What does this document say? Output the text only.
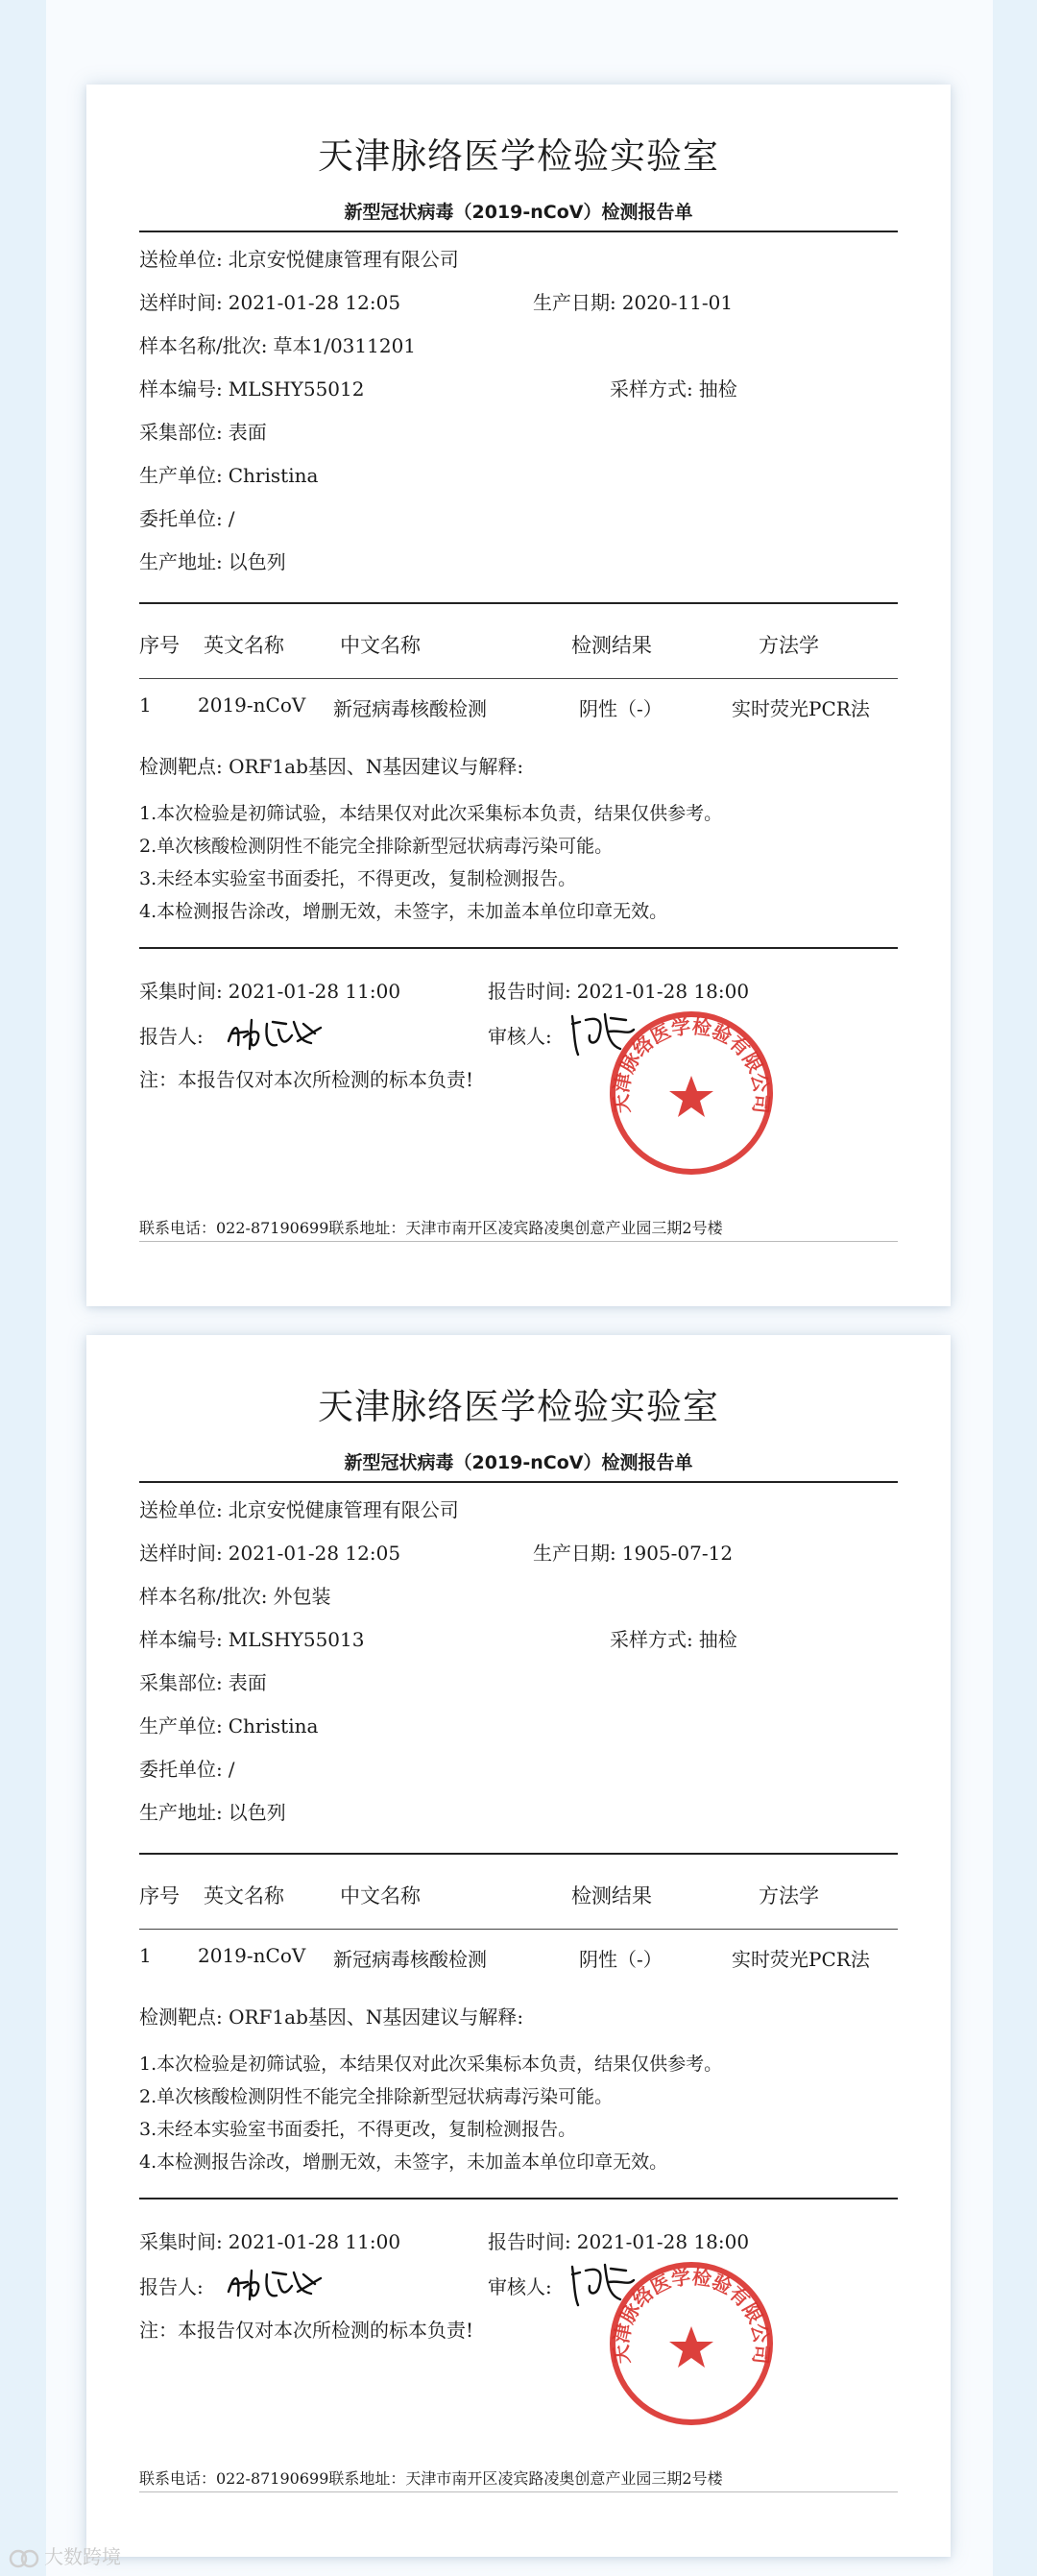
天津脉络医学检验实验室
新型冠状病毒（2019-nCoV）检测报告单
送检单位: 北京安悦健康管理有限公司
送样时间: 2021-01-28 12:05	生产日期: 2020-11-01
样本名称/批次: 草本1/0311201
样本编号: MLSHY55012	采样方式: 抽检
采集部位: 表面
生产单位: Christina
委托单位: /
生产地址: 以色列
序号 英文名称	中文名称	检测结果	方法学
1 2019-nCoV 新冠病毒核酸检测	阴性（-）	实时荧光PCR法
检测靶点: ORF1ab基因、N基因建议与解释:
1.本次检验是初筛试验，本结果仅对此次采集标本负责，结果仅供参考。
2.单次核酸检测阴性不能完全排除新型冠状病毒污染可能。
3.未经本实验室书面委托，不得更改，复制检测报告。
4.本检测报告涂改，增删无效，未签字，未加盖本单位印章无效。
采集时间: 2021-01-28 11:00	报告时间: 2021-01-28 18:00
报告人:	审核人:
注：本报告仅对本次所检测的标本负责!
天津脉络医学检验有限公司
联系电话：022-87190699联系地址：天津市南开区凌宾路凌奥创意产业园三期2号楼
天津脉络医学检验实验室
新型冠状病毒（2019-nCoV）检测报告单
送检单位: 北京安悦健康管理有限公司
送样时间: 2021-01-28 12:05	生产日期: 1905-07-12
样本名称/批次: 外包装
样本编号: MLSHY55013	采样方式: 抽检
采集部位: 表面
生产单位: Christina
委托单位: /
生产地址: 以色列
序号 英文名称	中文名称	检测结果	方法学
1 2019-nCoV 新冠病毒核酸检测	阴性（-）	实时荧光PCR法
检测靶点: ORF1ab基因、N基因建议与解释:
1.本次检验是初筛试验，本结果仅对此次采集标本负责，结果仅供参考。
2.单次核酸检测阴性不能完全排除新型冠状病毒污染可能。
3.未经本实验室书面委托，不得更改，复制检测报告。
4.本检测报告涂改，增删无效，未签字，未加盖本单位印章无效。
采集时间: 2021-01-28 11:00	报告时间: 2021-01-28 18:00
报告人:	审核人:
注：本报告仅对本次所检测的标本负责!
天津脉络医学检验有限公司
联系电话：022-87190699联系地址：天津市南开区凌宾路凌奥创意产业园三期2号楼
大数跨境
